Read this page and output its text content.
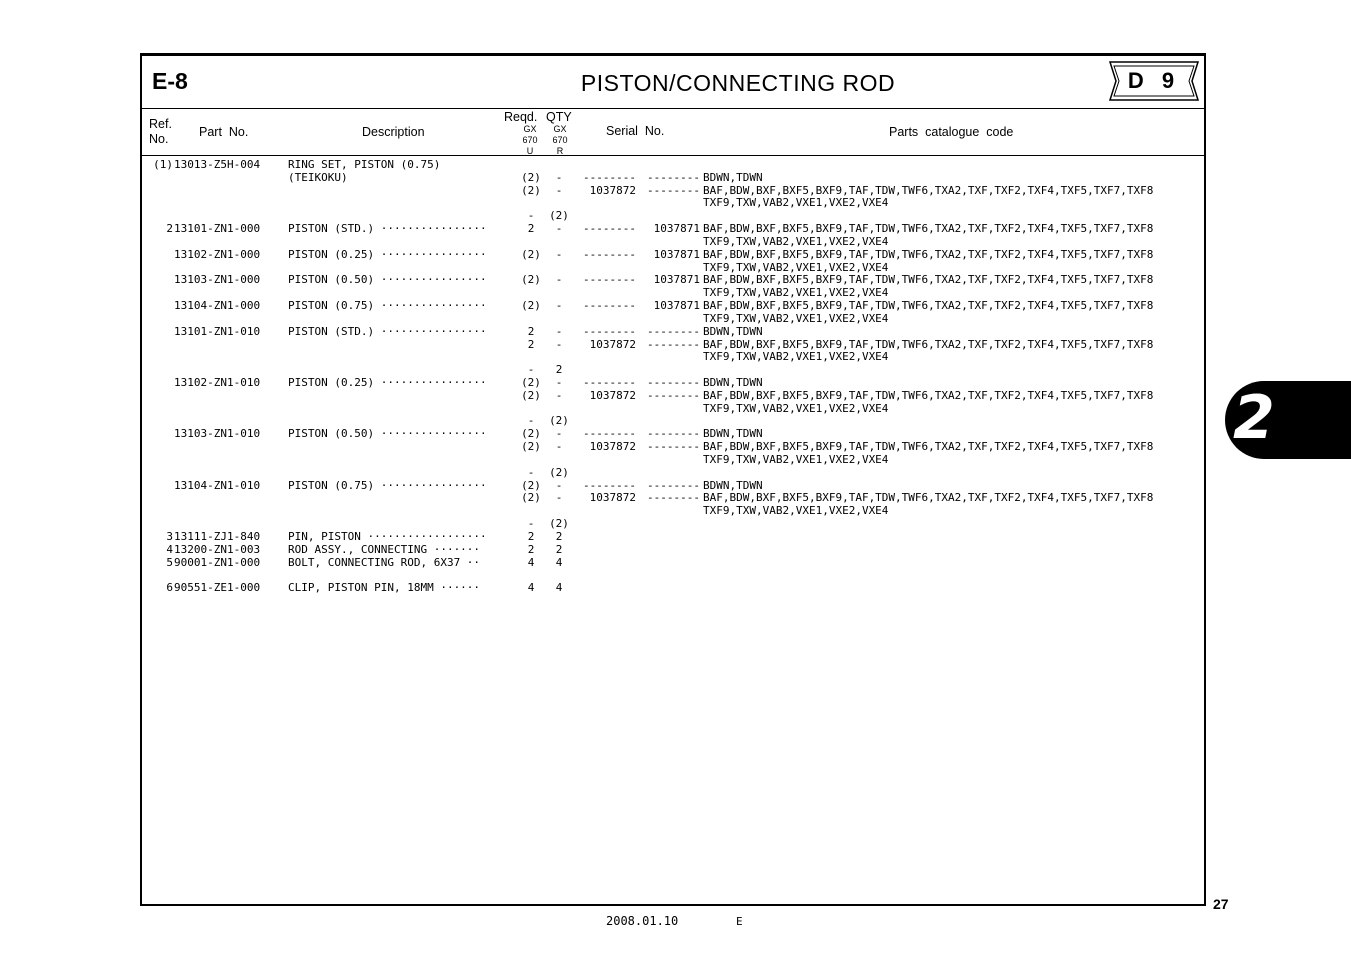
E-8	PISTON/CONNECTING ROD	D 9
Ref.
No. Part  No.	Description
Reqd. QTY
GX
670
U
GX
670
R
Serial  No.	Parts  catalogue  code
(1) 13013-Z5H-004	RING SET, PISTON (0.75)
(TEIKOKU)	(2)	-	--------	-------- BDWN,TDWN
(2)	-	1037872	-------- BAF,BDW,BXF,BXF5,BXF9,TAF,TDW,TWF6,TXA2,TXF,TXF2,TXF4,TXF5,TXF7,TXF8
TXF9,TXW,VAB2,VXE1,VXE2,VXE4
-	(2)
2 13101-ZN1-000	PISTON (STD.) ················	2	-	--------	1037871 BAF,BDW,BXF,BXF5,BXF9,TAF,TDW,TWF6,TXA2,TXF,TXF2,TXF4,TXF5,TXF7,TXF8
TXF9,TXW,VAB2,VXE1,VXE2,VXE4
13102-ZN1-000	PISTON (0.25) ················	(2)	-	--------	1037871 BAF,BDW,BXF,BXF5,BXF9,TAF,TDW,TWF6,TXA2,TXF,TXF2,TXF4,TXF5,TXF7,TXF8
TXF9,TXW,VAB2,VXE1,VXE2,VXE4
13103-ZN1-000	PISTON (0.50) ················	(2)	-	--------	1037871 BAF,BDW,BXF,BXF5,BXF9,TAF,TDW,TWF6,TXA2,TXF,TXF2,TXF4,TXF5,TXF7,TXF8
TXF9,TXW,VAB2,VXE1,VXE2,VXE4
13104-ZN1-000	PISTON (0.75) ················	(2)	-	--------	1037871 BAF,BDW,BXF,BXF5,BXF9,TAF,TDW,TWF6,TXA2,TXF,TXF2,TXF4,TXF5,TXF7,TXF8
TXF9,TXW,VAB2,VXE1,VXE2,VXE4
13101-ZN1-010	PISTON (STD.) ················	2	-	--------	-------- BDWN,TDWN
2	-	1037872	-------- BAF,BDW,BXF,BXF5,BXF9,TAF,TDW,TWF6,TXA2,TXF,TXF2,TXF4,TXF5,TXF7,TXF8
TXF9,TXW,VAB2,VXE1,VXE2,VXE4
-	2
13102-ZN1-010	PISTON (0.25) ················	(2)	-	--------	-------- BDWN,TDWN
(2)	-	1037872	-------- BAF,BDW,BXF,BXF5,BXF9,TAF,TDW,TWF6,TXA2,TXF,TXF2,TXF4,TXF5,TXF7,TXF8
TXF9,TXW,VAB2,VXE1,VXE2,VXE4
-	(2)
13103-ZN1-010	PISTON (0.50) ················	(2)	-	--------	-------- BDWN,TDWN
(2)	-	1037872	-------- BAF,BDW,BXF,BXF5,BXF9,TAF,TDW,TWF6,TXA2,TXF,TXF2,TXF4,TXF5,TXF7,TXF8
TXF9,TXW,VAB2,VXE1,VXE2,VXE4
-	(2)
13104-ZN1-010	PISTON (0.75) ················	(2)	-	--------	-------- BDWN,TDWN
(2)	-	1037872	-------- BAF,BDW,BXF,BXF5,BXF9,TAF,TDW,TWF6,TXA2,TXF,TXF2,TXF4,TXF5,TXF7,TXF8
TXF9,TXW,VAB2,VXE1,VXE2,VXE4
-	(2)
3 13111-ZJ1-840	PIN, PISTON ··················	2	2
4 13200-ZN1-003	ROD ASSY., CONNECTING ·······	2	2
5 90001-ZN1-000	BOLT, CONNECTING ROD, 6X37 ··	4	4
6 90551-ZE1-000	CLIP, PISTON PIN, 18MM ······	4	4
2
27
2008.01.10	E
